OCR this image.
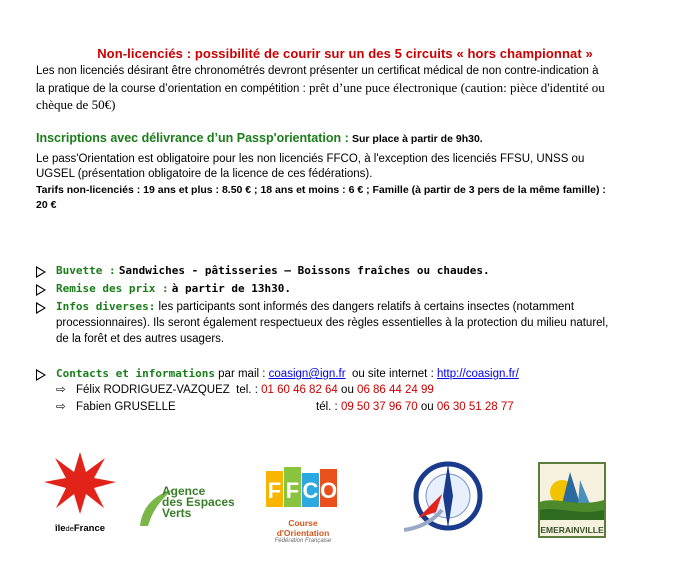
Non-licenciés : possibilité de courir sur un des 5 circuits « hors championnat »
Les non licenciés désirant être chronométrés devront présenter un certificat médical de non contre-indication à
la pratique de la course d’orientation en compétition : prêt d’une puce électronique (caution: pièce d'identité ou
chèque de 50€)
Inscriptions avec délivrance d’un Passp'orientation : Sur place à partir de 9h30.
Le pass'Orientation est obligatoire pour les non licenciés FFCO, à l'exception des licenciés FFSU, UNSS ou
UGSEL (présentation obligatoire de la licence de ces fédérations).
Tarifs non-licenciés : 19 ans et plus : 8.50 € ; 18 ans et moins : 6 € ; Famille (à partir de 3 pers de la même famille) :
20 €
Buvette : Sandwiches - pâtisseries – Boissons fraîches ou chaudes.
Remise des prix : à partir de 13h30.
Infos diverses: les participants sont informés des dangers relatifs à certains insectes (notamment
processionnaires). Ils seront également respectueux des règles essentielles à la protection du milieu naturel,
de la forêt et des autres usagers.
Contacts et informations par mail : coasign@ign.fr ou site internet : http://coasign.fr/
⇨ Félix RODRIGUEZ-VAZQUEZ tel. : 01 60 46 82 64 ou 06 86 44 24 99
⇨ Fabien GRUSELLE	tél. : 09 50 37 96 70 ou 06 30 51 28 77
îledeFrance
Agence
des Espaces
Verts
F F C O
Course d'Orientation
Fédération Française
EMERAINVILLE
